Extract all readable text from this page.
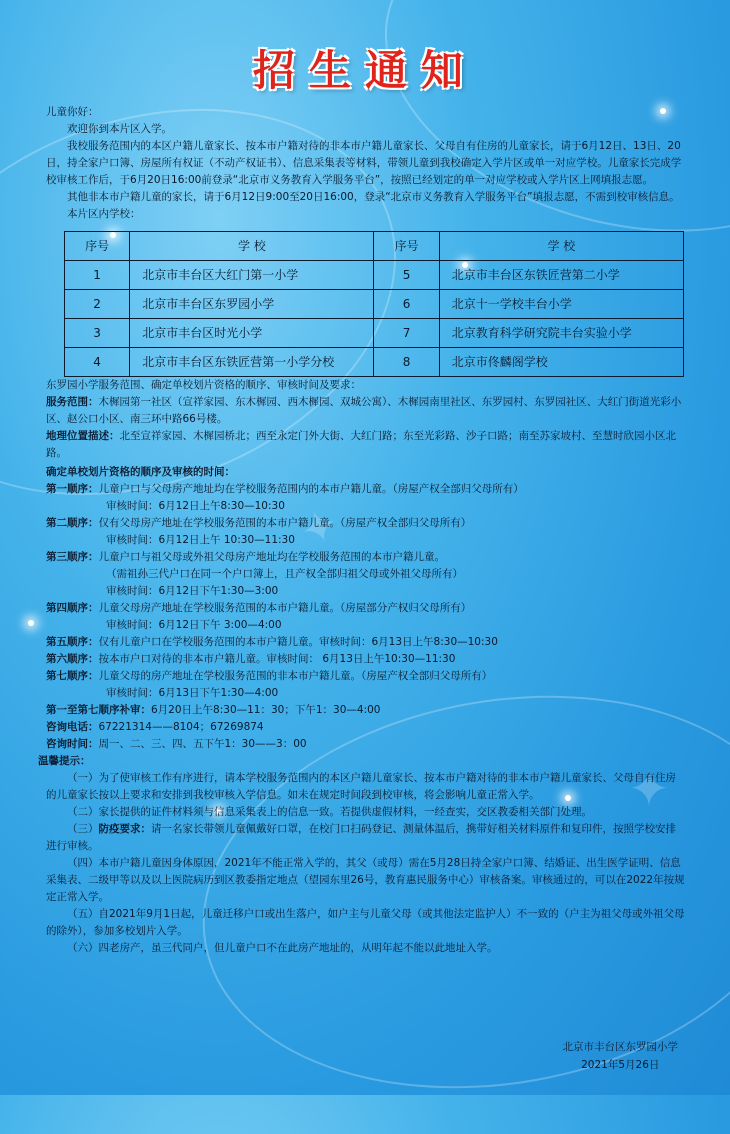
✦
✦
招生通知

儿童你好：

欢迎你到本片区入学。

我校服务范围内的本区户籍儿童家长、按本市户籍对待的非本市户籍儿童家长、父母自有住房的儿童家长，请于6月12日、13日、20日，持全家户口簿、房屋所有权证（不动产权证书）、信息采集表等材料，带领儿童到我校确定入学片区或单一对应学校。儿童家长完成学校审核工作后，于6月20日16:00前登录“北京市义务教育入学服务平台”，按照已经划定的单一对应学校或入学片区上网填报志愿。

其他非本市户籍儿童的家长，请于6月12日9:00至20日16:00，登录“北京市义务教育入学服务平台”填报志愿，不需到校审核信息。

本片区内学校：

序号	学 校	序号	学 校
1	北京市丰台区大红门第一小学	5	北京市丰台区东铁匠营第二小学
2	北京市丰台区东罗园小学	6	北京十一学校丰台小学
3	北京市丰台区时光小学	7	北京教育科学研究院丰台实验小学
4	北京市丰台区东铁匠营第一小学分校	8	北京市佟麟阁学校

东罗园小学服务范围、确定单校划片资格的顺序、审核时间及要求：

服务范围：木樨园第一社区（宣祥家园、东木樨园、西木樨园、双城公寓）、木樨园南里社区、东罗园村、东罗园社区、大红门街道光彩小区、赵公口小区、南三环中路66号楼。

地理位置描述：北至宣祥家园、木樨园桥北；西至永定门外大街、大红门路；东至光彩路、沙子口路；南至苏家坡村、至慧时欣园小区北路。

确定单校划片资格的顺序及审核的时间：

第一顺序：儿童户口与父母房产地址均在学校服务范围内的本市户籍儿童。（房屋产权全部归父母所有）

审核时间：6月12日上午8:30—10:30

第二顺序：仅有父母房产地址在学校服务范围的本市户籍儿童。（房屋产权全部归父母所有）

审核时间：6月12日上午 10:30—11:30

第三顺序：儿童户口与祖父母或外祖父母房产地址均在学校服务范围的本市户籍儿童。

（需祖孙三代户口在同一个户口簿上，且产权全部归祖父母或外祖父母所有）

审核时间：6月12日下午1:30—3:00

第四顺序：儿童父母房产地址在学校服务范围的本市户籍儿童。（房屋部分产权归父母所有）

审核时间：6月12日下午 3:00—4:00

第五顺序：仅有儿童户口在学校服务范围的本市户籍儿童。审核时间：6月13日上午8:30—10:30

第六顺序：按本市户口对待的非本市户籍儿童。审核时间： 6月13日上午10:30—11:30

第七顺序：儿童父母的房产地址在学校服务范围的非本市户籍儿童。（房屋产权全部归父母所有）

审核时间：6月13日下午1:30—4:00

第一至第七顺序补审：6月20日上午8:30—11：30；下午1：30—4:00

咨询电话：67221314——8104；67269874

咨询时间：周一、二、三、四、五下午1：30——3：00

温馨提示：

（一）为了使审核工作有序进行，请本学校服务范围内的本区户籍儿童家长、按本市户籍对待的非本市户籍儿童家长、父母自有住房的儿童家长按以上要求和安排到我校审核入学信息。如未在规定时间段到校审核，将会影响儿童正常入学。

（二）家长提供的证件材料须与信息采集表上的信息一致。若提供虚假材料，一经查实，交区教委相关部门处理。

（三）防疫要求：请一名家长带领儿童佩戴好口罩，在校门口扫码登记、测量体温后，携带好相关材料原件和复印件，按照学校安排进行审核。

（四）本市户籍儿童因身体原因，2021年不能正常入学的，其父（或母）需在5月28日持全家户口簿、结婚证、出生医学证明、信息采集表、二级甲等以及以上医院病历到区教委指定地点（望园东里26号，教育惠民服务中心）审核备案。审核通过的，可以在2022年按规定正常入学。

（五）自2021年9月1日起，儿童迁移户口或出生落户，如户主与儿童父母（或其他法定监护人）不一致的（户主为祖父母或外祖父母的除外），参加多校划片入学。

（六）四老房产，虽三代同户，但儿童户口不在此房产地址的，从明年起不能以此地址入学。

北京市丰台区东罗园小学
2021年5月26日
